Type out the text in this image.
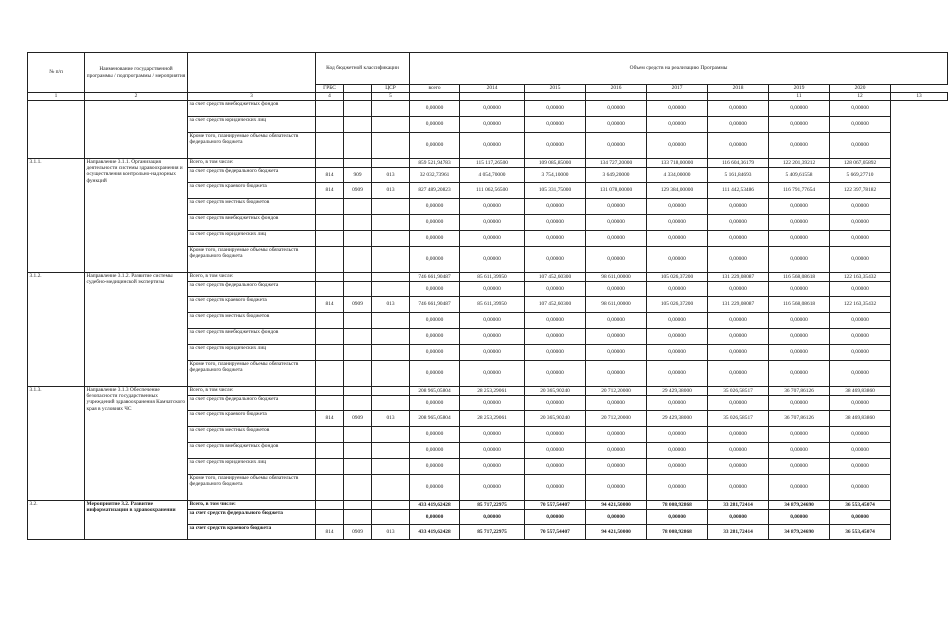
№ п/п	Наименование государственной программы / подпрограммы / мероприятия		Код бюджетной классификации			Объем средств на реализацию Программы								
			ГРБС		ЦСР	всего	2014	2015	2016	2017	2018	2019	2020	
1	2	3	4		5							11	12	13
		за счет средств внебюджетных фондов				0,00000	0,00000	0,00000	0,00000	0,00000	0,00000	0,00000	0,00000	
		за счет средств юридических лиц				0,00000	0,00000	0,00000	0,00000	0,00000	0,00000	0,00000	0,00000	
		Кроме того, планируемые объемы обязательств федерального бюджета				0,00000	0,00000	0,00000	0,00000	0,00000	0,00000	0,00000	0,00000	
3.1.1.	Направление 3.1.1. Организация деятельности системы здравоохранения и осуществления контрольно-надзорных функций	Всего, в том числе:				859 521,94783	115 117,26500	109 085,85000	134 727,20000	133 718,00000	116 604,36179	122 201,39212	128 067,05892	
		за счет средств федерального бюджета	814	909	013	32 032,73961	4 054,70000	3 754,10000	3 649,20000	4 334,00000	5 161,84693	5 409,61558	5 669,27710	
		за счет средств краевого бюджета	814	0909	013	827 489,20823	111 062,56500	105 331,75000	131 078,00000	129 384,00000	111 442,53486	116 791,77654	122 397,78182	
		за счет средств местных бюджетов				0,00000	0,00000	0,00000	0,00000	0,00000	0,00000	0,00000	0,00000	
		за счет средств внебюджетных фондов				0,00000	0,00000	0,00000	0,00000	0,00000	0,00000	0,00000	0,00000	
		за счет средств юридических лиц				0,00000	0,00000	0,00000	0,00000	0,00000	0,00000	0,00000	0,00000	
		Кроме того, планируемые объемы обязательств федерального бюджета				0,00000	0,00000	0,00000	0,00000	0,00000	0,00000	0,00000	0,00000	
3.1.2.	Направление 3.1.2. Развитие системы судебно-медицинской экспертизы	Всего, в том числе:				746 661,90487	85 611,39950	107 452,60300	98 611,00000	105 026,37200	131 229,08087	116 568,08618	122 163,35432	
		за счет средств федерального бюджета				0,00000	0,00000	0,00000	0,00000	0,00000	0,00000	0,00000	0,00000	
		за счет средств краевого бюджета	814	0909	013	746 661,90487	85 611,39950	107 452,60300	98 611,00000	105 026,37200	131 229,08087	116 568,08618	122 163,35432	
		за счет средств местных бюджетов				0,00000	0,00000	0,00000	0,00000	0,00000	0,00000	0,00000	0,00000	
		за счет средств внебюджетных фондов				0,00000	0,00000	0,00000	0,00000	0,00000	0,00000	0,00000	0,00000	
		за счет средств юридических лиц				0,00000	0,00000	0,00000	0,00000	0,00000	0,00000	0,00000	0,00000	
		Кроме того, планируемые объемы обязательств федерального бюджета				0,00000	0,00000	0,00000	0,00000	0,00000	0,00000	0,00000	0,00000	
3.1.3.	Направление 3.1.3 Обеспечение безопасности государственных учреждений здравоохранения Камчатского края в условиях ЧС	Всего, в том числе:				208 965,05804	28 253,29061	20 365,90240	20 712,20000	29 429,38000	35 026,58517	36 707,86126	38 469,83860	
		за счет средств федерального бюджета				0,00000	0,00000	0,00000	0,00000	0,00000	0,00000	0,00000	0,00000	
		за счет средств краевого бюджета	814	0909	013	208 965,05804	28 253,29061	20 365,90240	20 712,20000	29 429,38000	35 026,58517	36 707,86126	38 469,83860	
		за счет средств местных бюджетов				0,00000	0,00000	0,00000	0,00000	0,00000	0,00000	0,00000	0,00000	
		за счет средств внебюджетных фондов				0,00000	0,00000	0,00000	0,00000	0,00000	0,00000	0,00000	0,00000	
		за счет средств юридических лиц				0,00000	0,00000	0,00000	0,00000	0,00000	0,00000	0,00000	0,00000	
		Кроме того, планируемые объемы обязательств федерального бюджета				0,00000	0,00000	0,00000	0,00000	0,00000	0,00000	0,00000	0,00000	
3.2.	Мероприятие 3.2. Развитие информатизации в здравоохранении	Всего, в том числе:				433 419,62428	85 717,22975	70 557,54407	94 421,50000	78 008,92868	33 281,72414	34 879,24690	36 553,45074	
		за счет средств федерального бюджета				0,00000	0,00000	0,00000	0,00000	0,00000	0,00000	0,00000	0,00000	
		за счет средств краевого бюджета	814	0909	013	433 419,62428	85 717,22975	70 557,54407	94 421,50000	78 008,92868	33 281,72414	34 879,24690	36 553,45074	
